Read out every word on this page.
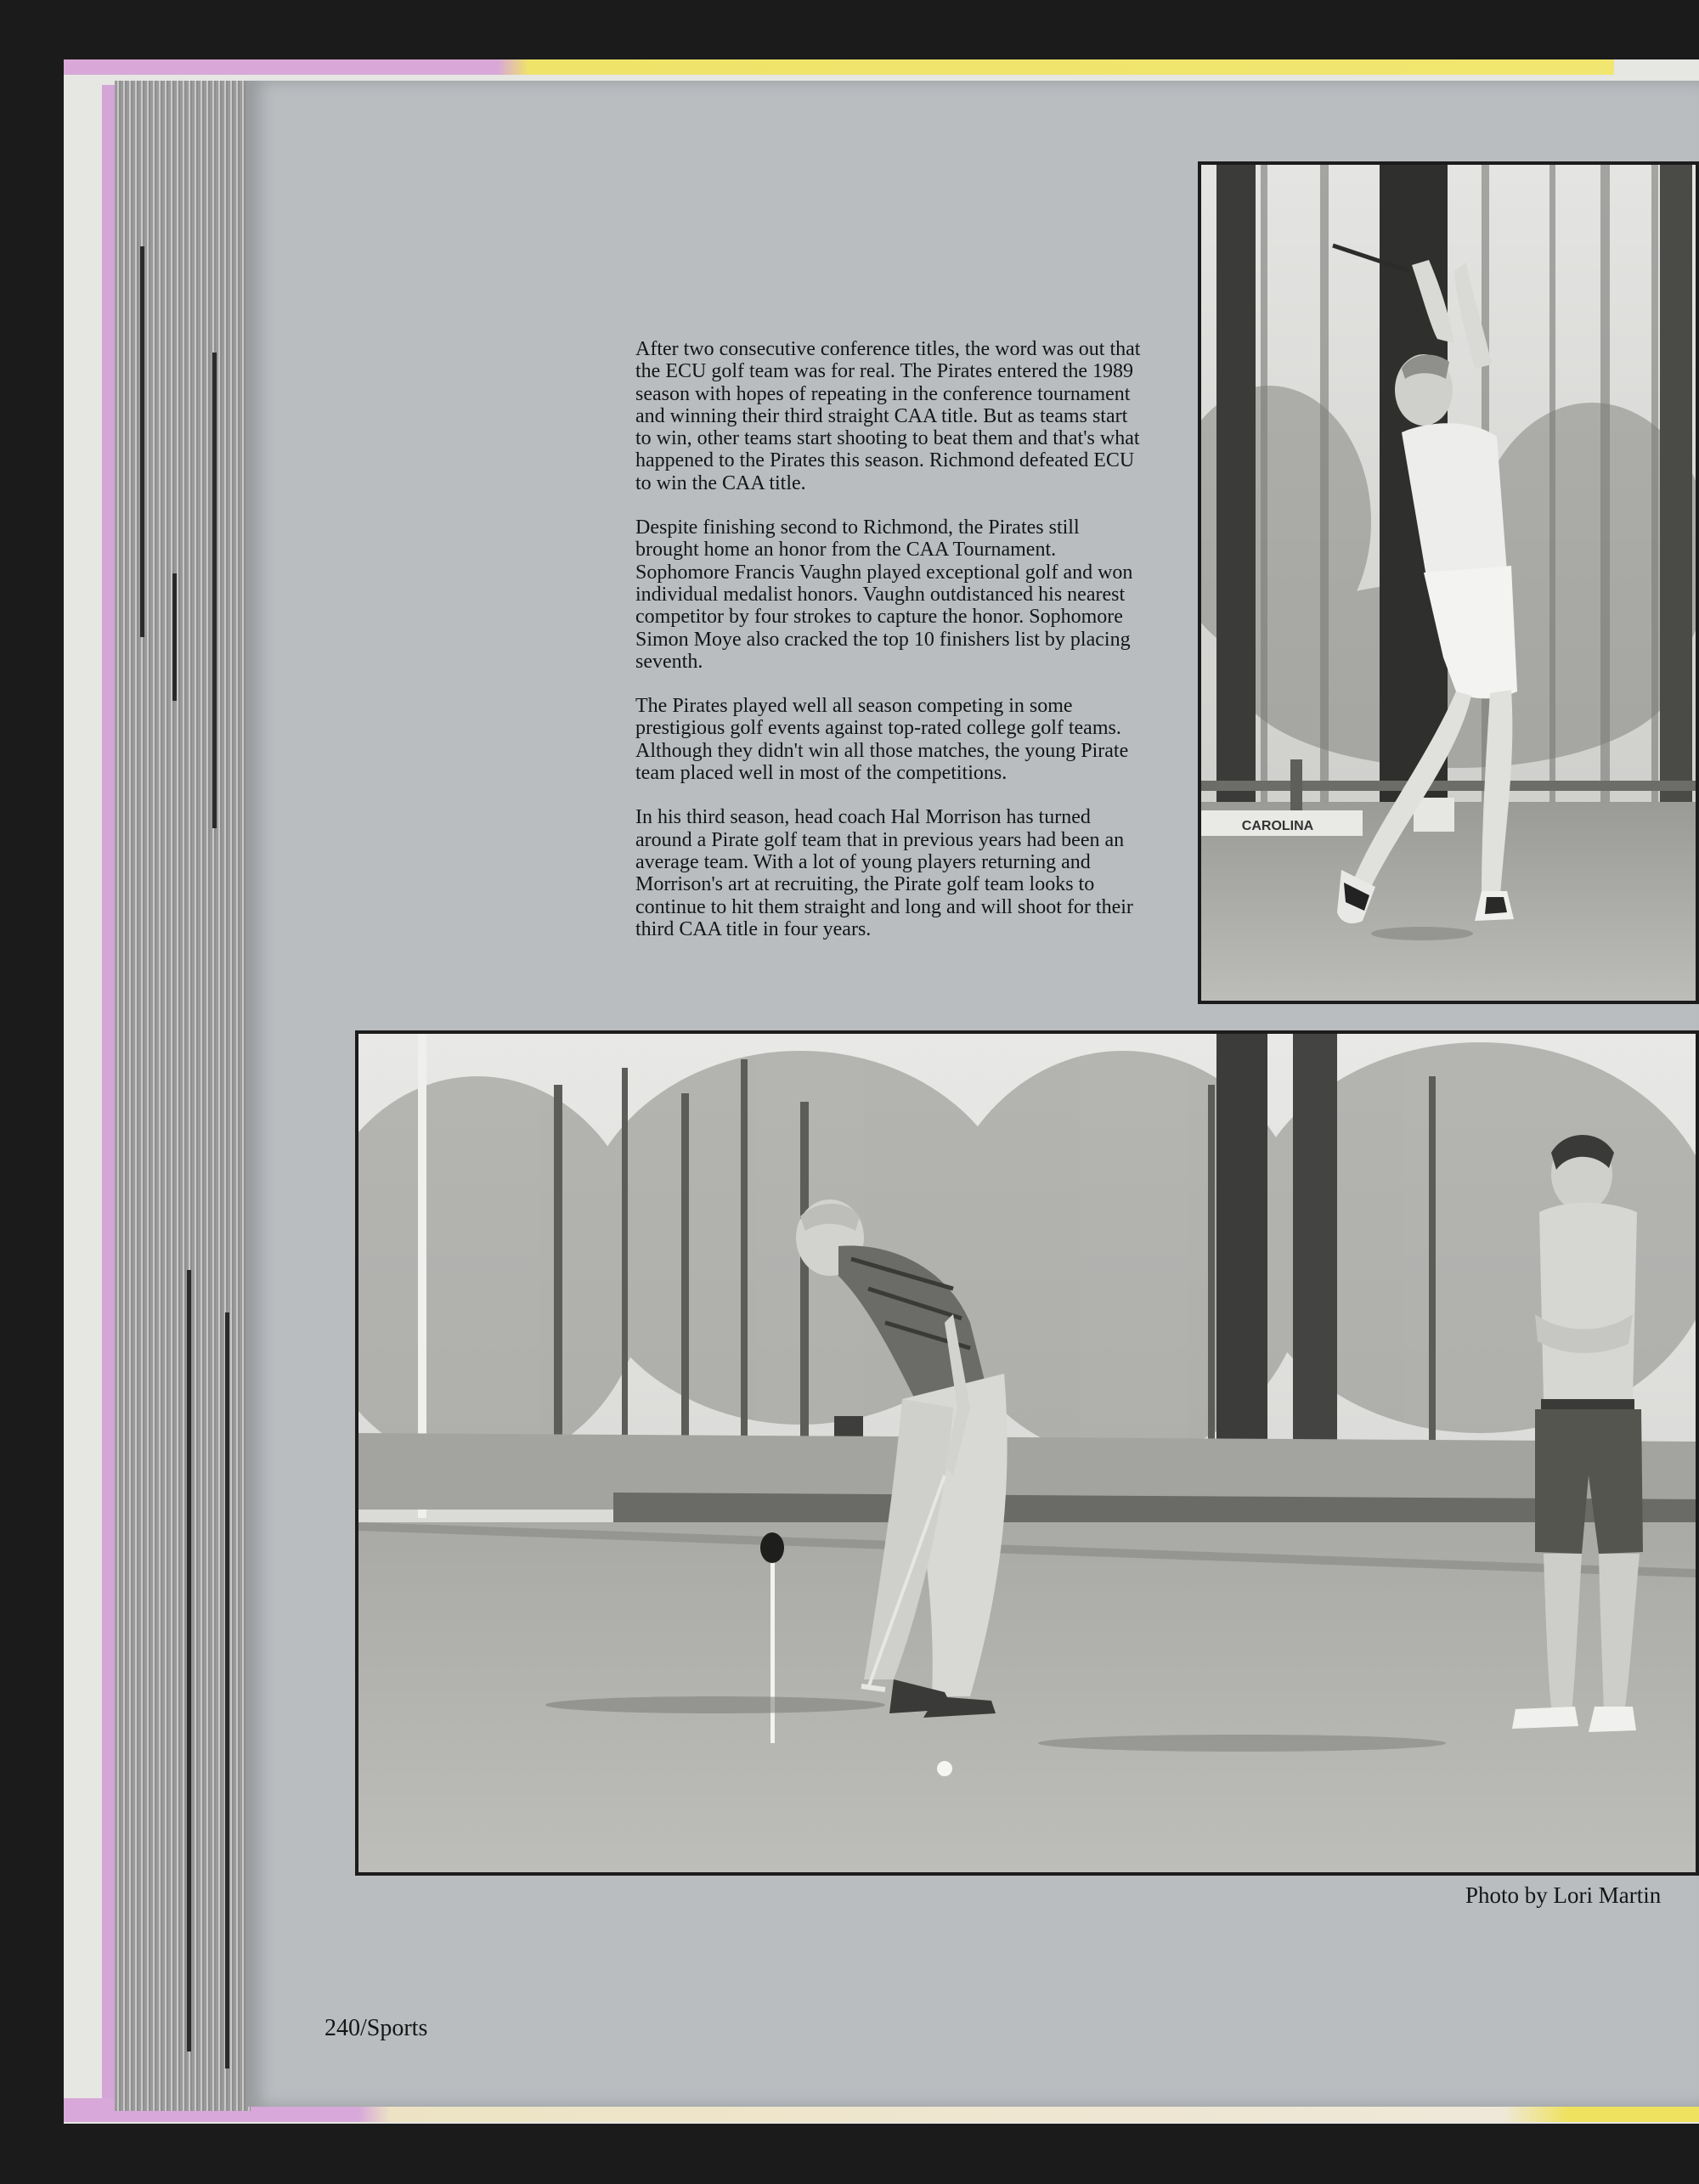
After two consecutive conference titles, the word was out that the ECU golf team was for real. The Pirates entered the 1989 season with hopes of repeating in the conference tournament and winning their third straight CAA title. But as teams start to win, other teams start shooting to beat them and that's what happened to the Pirates this season. Richmond defeated ECU to win the CAA title.

Despite finishing second to Richmond, the Pirates still brought home an honor from the CAA Tournament. Sophomore Francis Vaughn played exceptional golf and won individual medalist honors. Vaughn outdistanced his nearest competitor by four strokes to capture the honor. Sophomore Simon Moye also cracked the top 10 finishers list by placing seventh.

The Pirates played well all season competing in some prestigious golf events against top-rated college golf teams. Although they didn't win all those matches, the young Pirate team placed well in most of the competitions.

In his third season, head coach Hal Morrison has turned around a Pirate golf team that in previous years had been an average team. With a lot of young players returning and Morrison's art at recruiting, the Pirate golf team looks to continue to hit them straight and long and will shoot for their third CAA title in four years.

CAROLINA
Photo by Lori Martin
240/Sports
